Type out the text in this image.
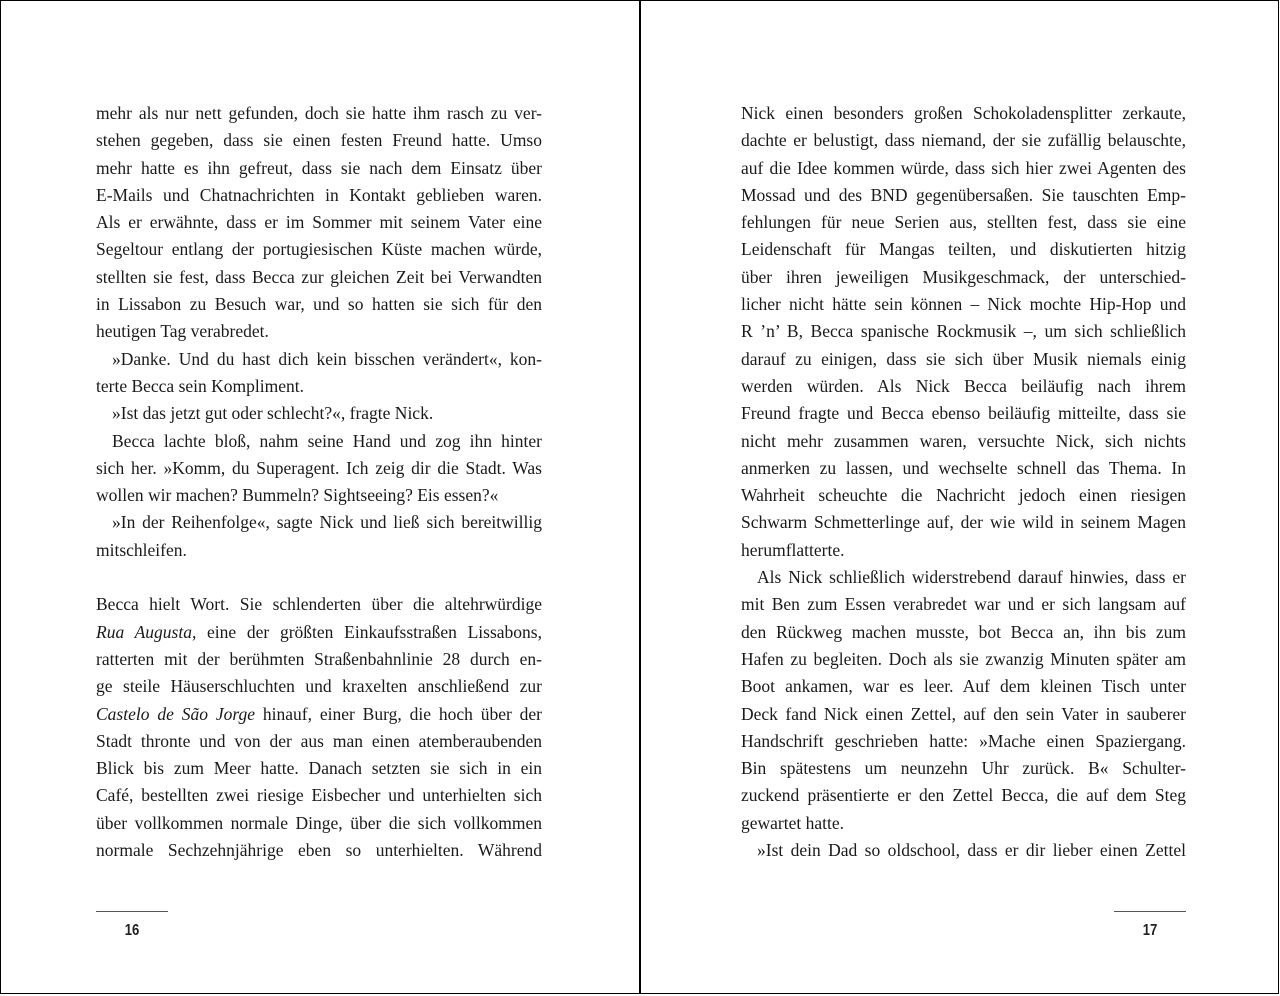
mehr als nur nett gefunden, doch sie hatte ihm rasch zu ver-
stehen gegeben, dass sie einen festen Freund hatte. Umso
mehr hatte es ihn gefreut, dass sie nach dem Einsatz über
E-Mails und Chatnachrichten in Kontakt geblieben waren.
Als er erwähnte, dass er im Sommer mit seinem Vater eine
Segeltour entlang der portugiesischen Küste machen würde,
stellten sie fest, dass Becca zur gleichen Zeit bei Verwandten
in Lissabon zu Besuch war, und so hatten sie sich für den
heutigen Tag verabredet.
»Danke. Und du hast dich kein bisschen verändert«, kon-
terte Becca sein Kompliment.
»Ist das jetzt gut oder schlecht?«, fragte Nick.
Becca lachte bloß, nahm seine Hand und zog ihn hinter
sich her. »Komm, du Superagent. Ich zeig dir die Stadt. Was
wollen wir machen? Bummeln? Sightseeing? Eis essen?«
»In der Reihenfolge«, sagte Nick und ließ sich bereitwillig
mitschleifen.
Becca hielt Wort. Sie schlenderten über die altehrwürdige
Rua Augusta, eine der größten Einkaufsstraßen Lissabons,
ratterten mit der berühmten Straßenbahnlinie 28 durch en-
ge steile Häuserschluchten und kraxelten anschließend zur
Castelo de São Jorge hinauf, einer Burg, die hoch über der
Stadt thronte und von der aus man einen atemberaubenden
Blick bis zum Meer hatte. Danach setzten sie sich in ein
Café, bestellten zwei riesige Eisbecher und unterhielten sich
über vollkommen normale Dinge, über die sich vollkommen
normale Sechzehnjährige eben so unterhielten. Während
16
Nick einen besonders großen Schokoladensplitter zerkaute,
dachte er belustigt, dass niemand, der sie zufällig belauschte,
auf die Idee kommen würde, dass sich hier zwei Agenten des
Mossad und des BND gegenübersaßen. Sie tauschten Emp-
fehlungen für neue Serien aus, stellten fest, dass sie eine
Leidenschaft für Mangas teilten, und diskutierten hitzig
über ihren jeweiligen Musikgeschmack, der unterschied-
licher nicht hätte sein können – Nick mochte Hip-Hop und
R ’n’ B, Becca spanische Rockmusik –, um sich schließlich
darauf zu einigen, dass sie sich über Musik niemals einig
werden würden. Als Nick Becca beiläufig nach ihrem
Freund fragte und Becca ebenso beiläufig mitteilte, dass sie
nicht mehr zusammen waren, versuchte Nick, sich nichts
anmerken zu lassen, und wechselte schnell das Thema. In
Wahrheit scheuchte die Nachricht jedoch einen riesigen
Schwarm Schmetterlinge auf, der wie wild in seinem Magen
herumflatterte.
Als Nick schließlich widerstrebend darauf hinwies, dass er
mit Ben zum Essen verabredet war und er sich langsam auf
den Rückweg machen musste, bot Becca an, ihn bis zum
Hafen zu begleiten. Doch als sie zwanzig Minuten später am
Boot ankamen, war es leer. Auf dem kleinen Tisch unter
Deck fand Nick einen Zettel, auf den sein Vater in sauberer
Handschrift geschrieben hatte: »Mache einen Spaziergang.
Bin spätestens um neunzehn Uhr zurück. B« Schulter-
zuckend präsentierte er den Zettel Becca, die auf dem Steg
gewartet hatte.
»Ist dein Dad so oldschool, dass er dir lieber einen Zettel
17
